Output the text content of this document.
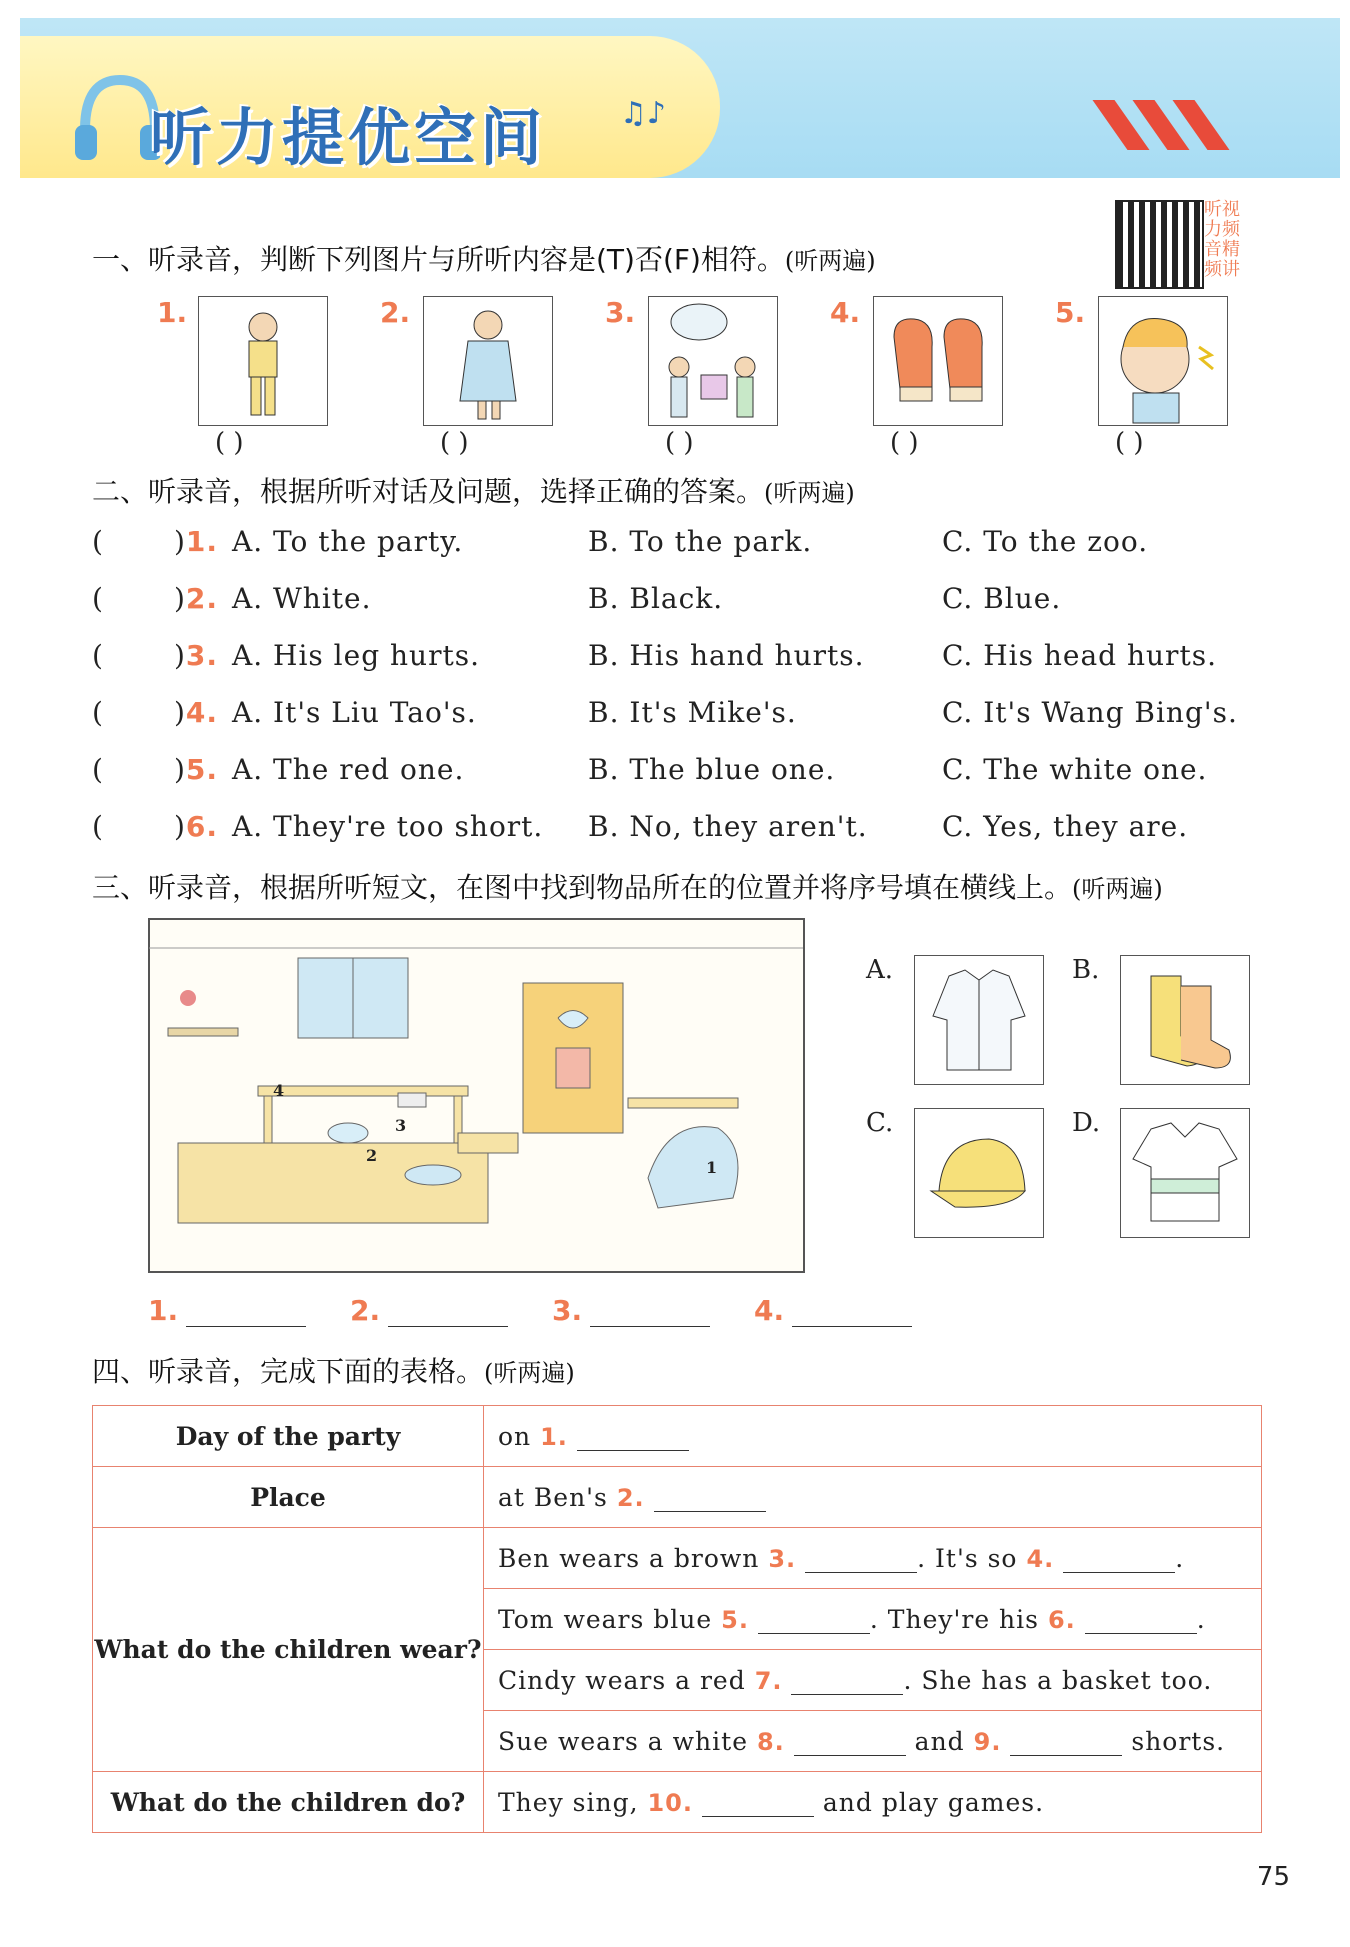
听力提优空间 ♫♪
听视力频音精频讲
一、听录音，判断下列图片与所听内容是(T)否(F)相符。(听两遍)
1.
( )
2.
( )
3.
( )
4.
( )
5.
( )
二、听录音，根据所听对话及问题，选择正确的答案。(听两遍)
(	)1. A. To the party.	B. To the park.	C. To the zoo.
(	)2. A. White.	B. Black.	C. Blue.
(	)3. A. His leg hurts.	B. His hand hurts.	C. His head hurts.
(	)4. A. It's Liu Tao's.	B. It's Mike's.	C. It's Wang Bing's.
(	)5. A. The red one.	B. The blue one.	C. The white one.
(	)6. A. They're too short. B. No, they aren't.	C. Yes, they are.
三、听录音，根据所听短文，在图中找到物品所在的位置并将序号填在横线上。(听两遍)
4
3
2
1
A.	B.
C.	D.
1.	2.	3.	4.
四、听录音，完成下面的表格。(听两遍)
Day of the party	on 1.
Place	at Ben's 2.
What do the children wear?	Ben wears a brown 3. . It's so 4. .
	Tom wears blue 5. . They're his 6. .
	Cindy wears a red 7. . She has a basket too.
	Sue wears a white 8. and 9. shorts.
What do the children do?	They sing, 10. and play games.
75
